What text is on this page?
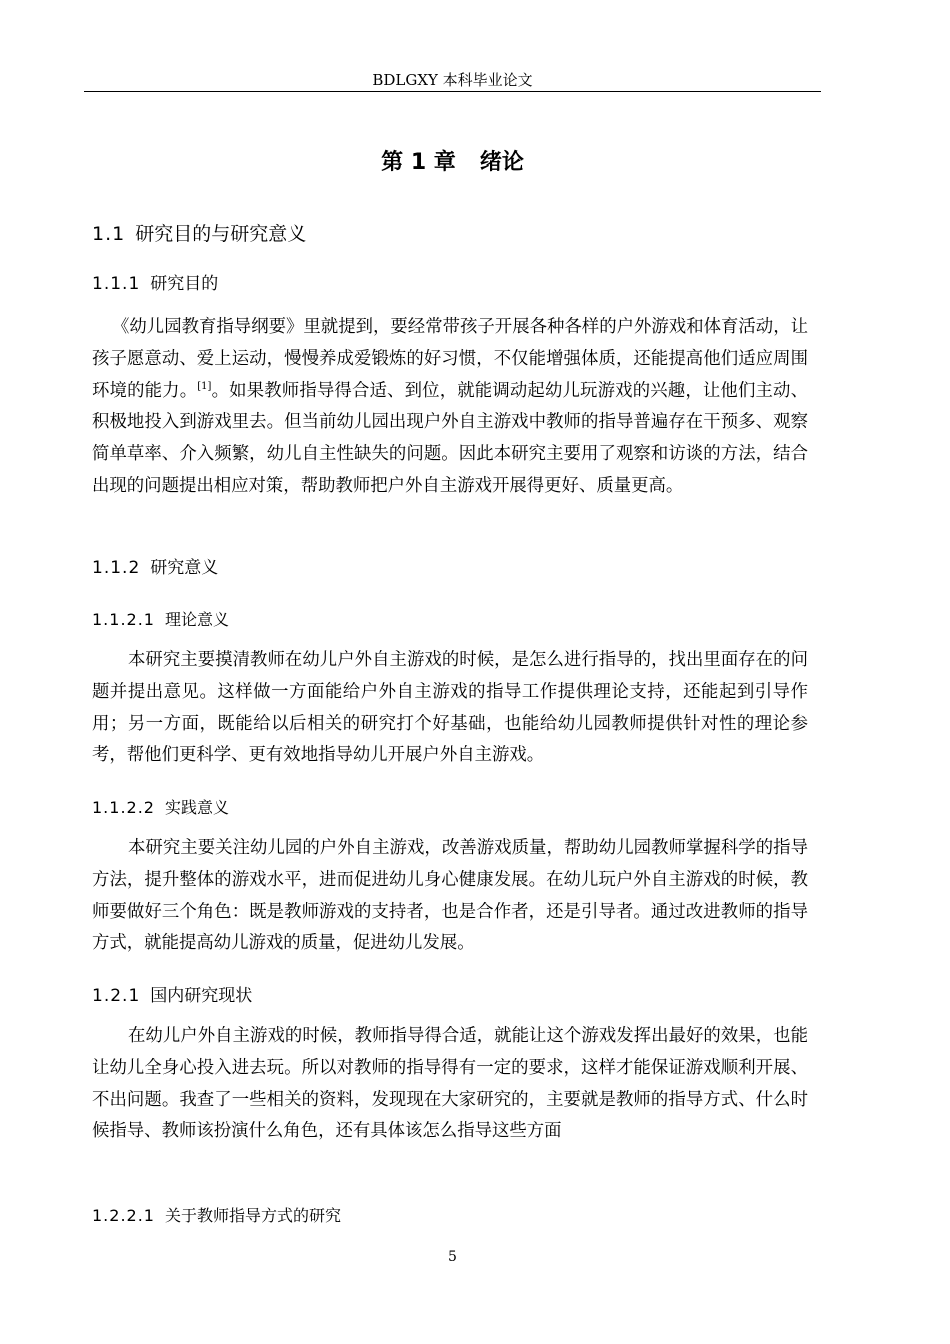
BDLGXY 本科毕业论文
第 1 章 绪论
1.1 研究目的与研究意义
1.1.1 研究目的

《幼儿园教育指导纲要》里就提到，要经常带孩子开展各种各样的户外游戏和体育活动，让孩子愿意动、爱上运动，慢慢养成爱锻炼的好习惯，不仅能增强体质，还能提高他们适应周围环境的能力。[1]。如果教师指导得合适、到位，就能调动起幼儿玩游戏的兴趣，让他们主动、积极地投入到游戏里去。但当前幼儿园出现户外自主游戏中教师的指导普遍存在干预多、观察简单草率、介入频繁，幼儿自主性缺失的问题。因此本研究主要用了观察和访谈的方法，结合出现的问题提出相应对策，帮助教师把户外自主游戏开展得更好、质量更高。

1.1.2 研究意义
1.1.2.1 理论意义

本研究主要摸清教师在幼儿户外自主游戏的时候，是怎么进行指导的，找出里面存在的问题并提出意见。这样做一方面能给户外自主游戏的指导工作提供理论支持，还能起到引导作用；另一方面，既能给以后相关的研究打个好基础，也能给幼儿园教师提供针对性的理论参考，帮他们更科学、更有效地指导幼儿开展户外自主游戏。

1.1.2.2 实践意义

本研究主要关注幼儿园的户外自主游戏，改善游戏质量，帮助幼儿园教师掌握科学的指导方法，提升整体的游戏水平，进而促进幼儿身心健康发展。在幼儿玩户外自主游戏的时候，教师要做好三个角色：既是教师游戏的支持者，也是合作者，还是引导者。通过改进教师的指导方式，就能提高幼儿游戏的质量，促进幼儿发展。

1.2.1 国内研究现状

在幼儿户外自主游戏的时候，教师指导得合适，就能让这个游戏发挥出最好的效果，也能让幼儿全身心投入进去玩。所以对教师的指导得有一定的要求，这样才能保证游戏顺利开展、不出问题。我查了一些相关的资料，发现现在大家研究的，主要就是教师的指导方式、什么时候指导、教师该扮演什么角色，还有具体该怎么指导这些方面

1.2.2.1 关于教师指导方式的研究
5
